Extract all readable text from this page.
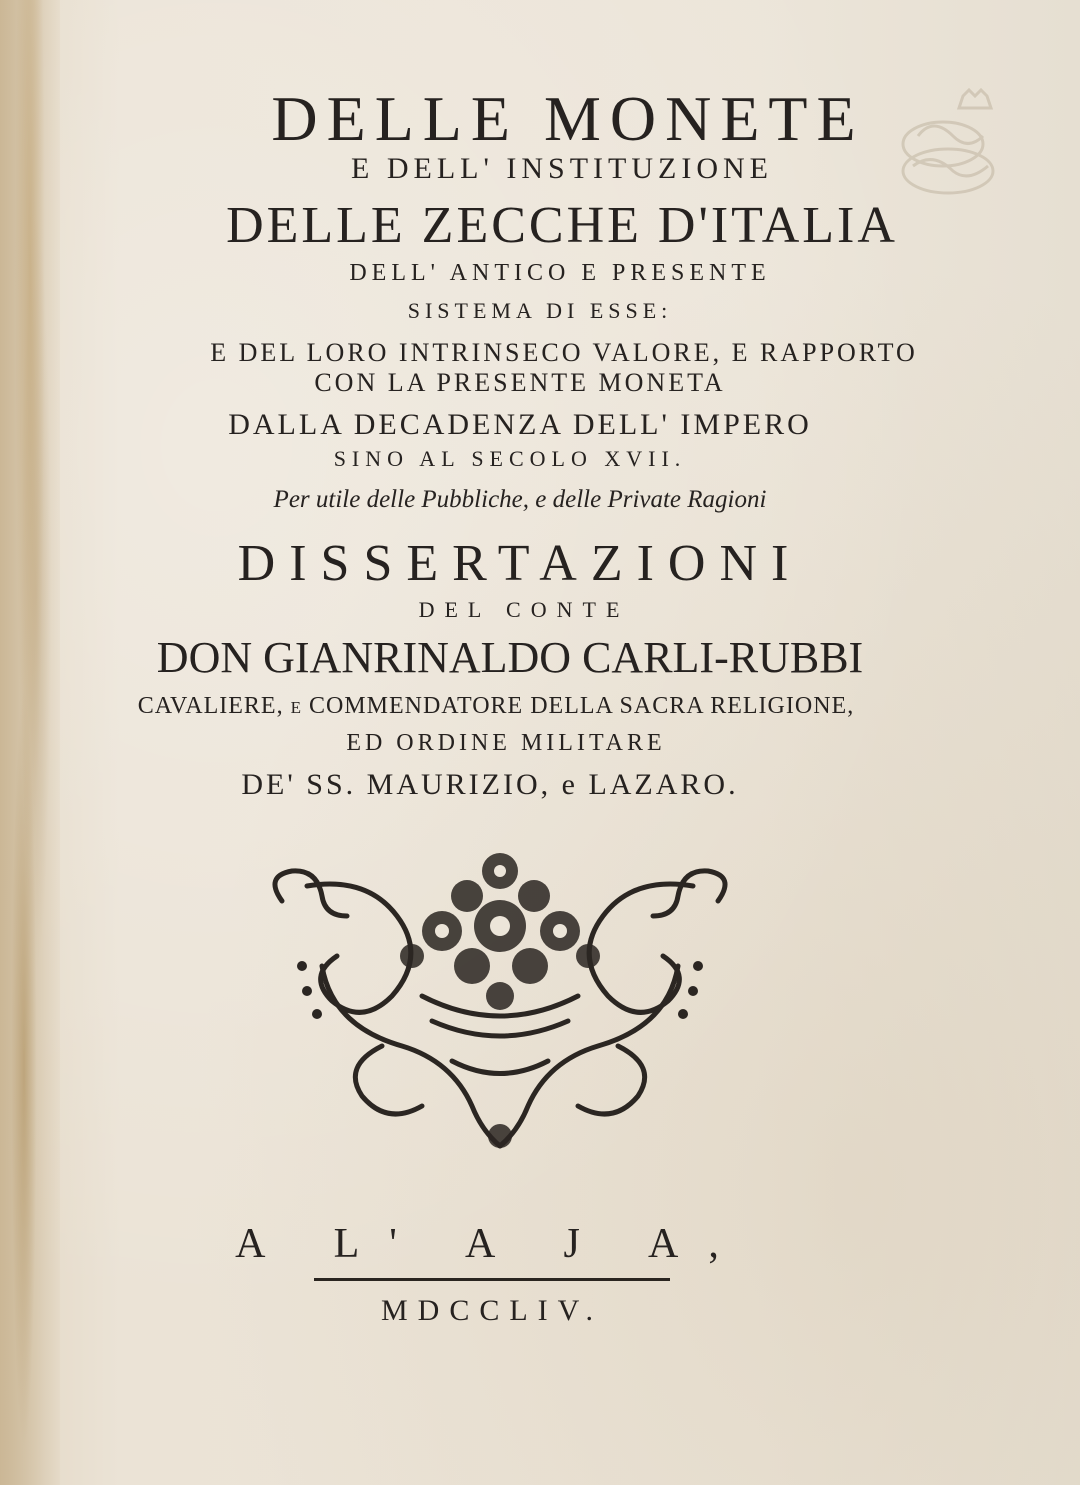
DELLE MONETE
E DELL' INSTITUZIONE
DELLE ZECCHE D'ITALIA
DELL' ANTICO E PRESENTE
SISTEMA DI ESSE:
E DEL LORO INTRINSECO VALORE, E RAPPORTO
CON LA PRESENTE MONETA
DALLA DECADENZA DELL' IMPERO
SINO AL SECOLO XVII.
Per utile delle Pubbliche, e delle Private Ragioni
DISSERTAZIONI
DEL CONTE
DON GIANRINALDO CARLI-RUBBI
CAVALIERE, e COMMENDATORE DELLA SACRA RELIGIONE,
ED ORDINE MILITARE
DE' SS. MAURIZIO, e LAZARO.
A L' A J A,
MDCCLIV.
